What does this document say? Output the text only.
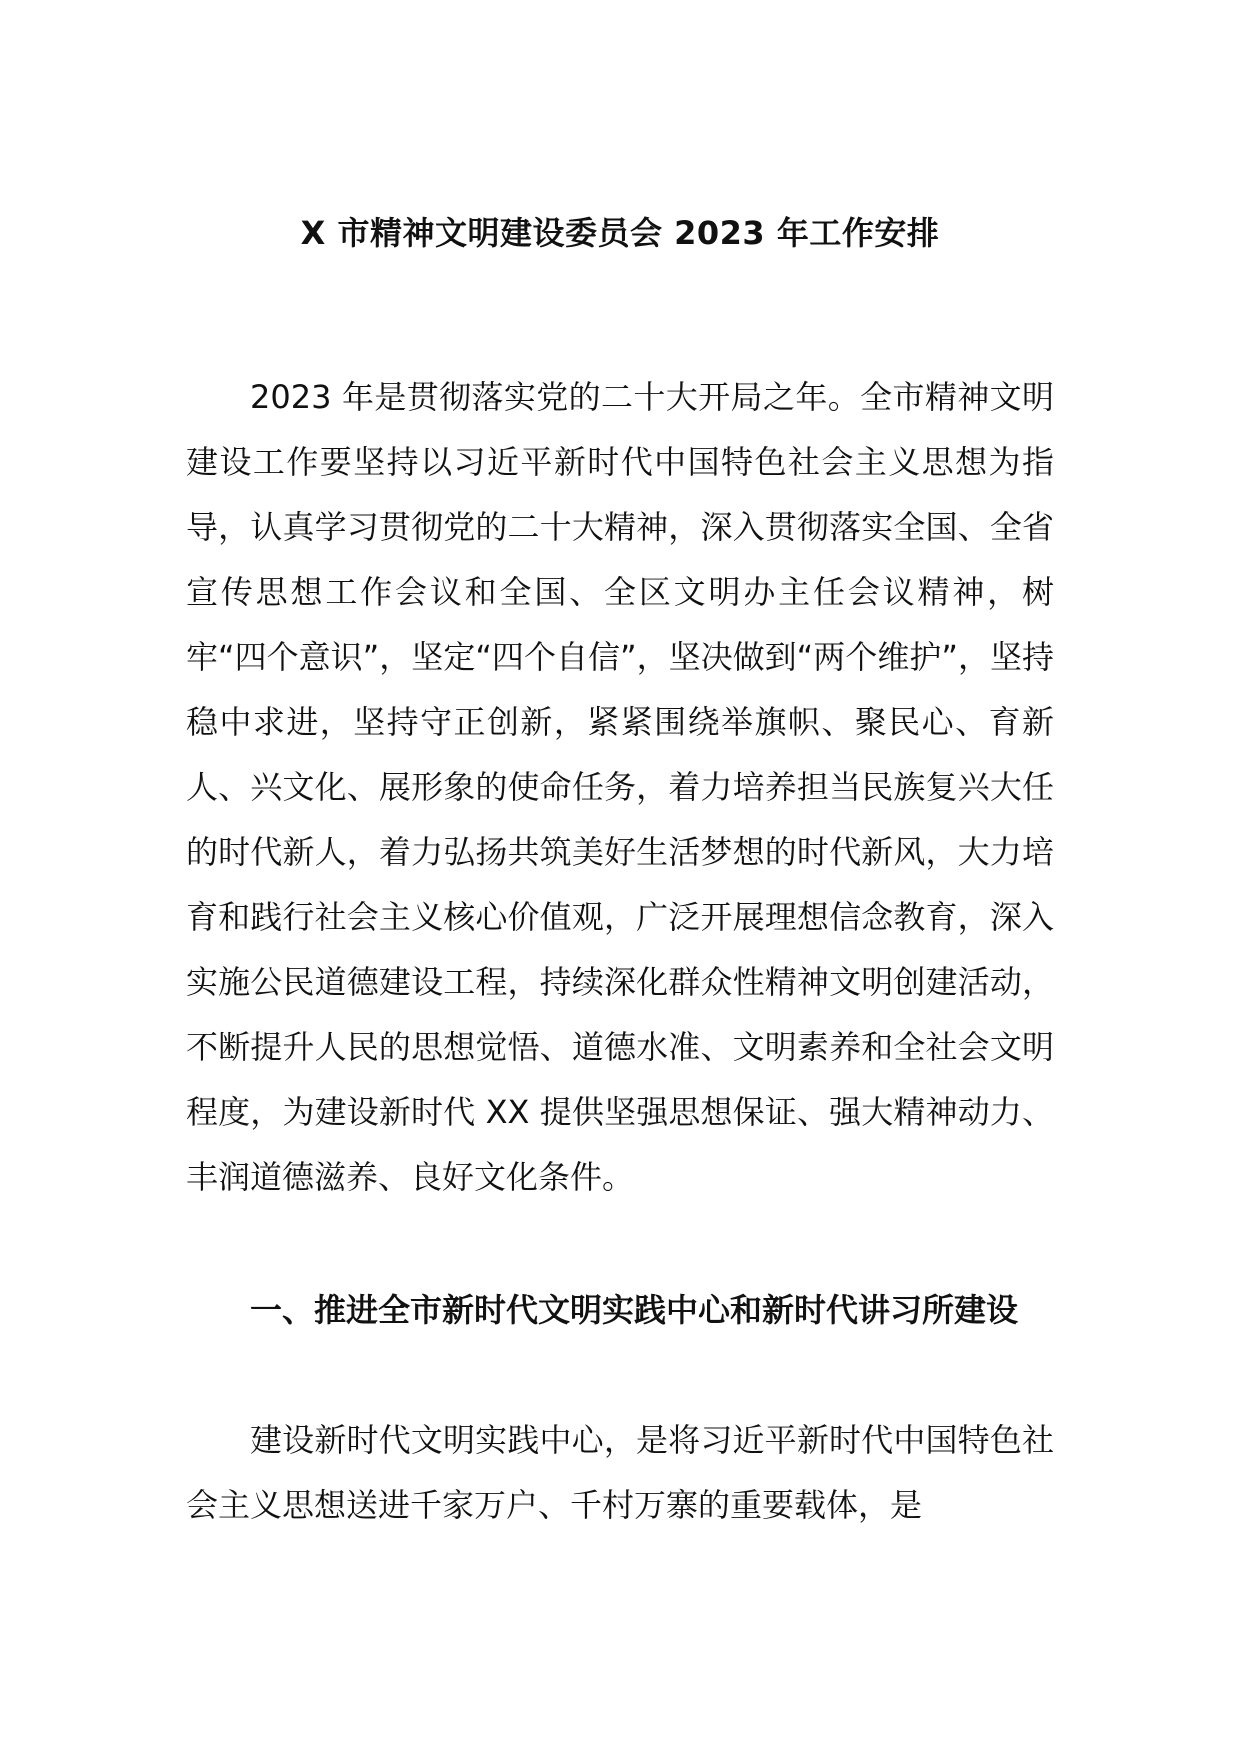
X 市精神文明建设委员会 2023 年工作安排

2023 年是贯彻落实党的二十大开局之年。全市精神文明建设工作要坚持以习近平新时代中国特色社会主义思想为指导，认真学习贯彻党的二十大精神，深入贯彻落实全国、全省宣传思想工作会议和全国、全区文明办主任会议精神，树牢“四个意识”，坚定“四个自信”，坚决做到“两个维护”，坚持稳中求进，坚持守正创新，紧紧围绕举旗帜、聚民心、育新人、兴文化、展形象的使命任务，着力培养担当民族复兴大任的时代新人，着力弘扬共筑美好生活梦想的时代新风，大力培育和践行社会主义核心价值观，广泛开展理想信念教育，深入实施公民道德建设工程，持续深化群众性精神文明创建活动，不断提升人民的思想觉悟、道德水准、文明素养和全社会文明程度，为建设新时代 XX 提供坚强思想保证、强大精神动力、丰润道德滋养、良好文化条件。

一、推进全市新时代文明实践中心和新时代讲习所建设

建设新时代文明实践中心，是将习近平新时代中国特色社会主义思想送进千家万户、千村万寨的重要载体，是
